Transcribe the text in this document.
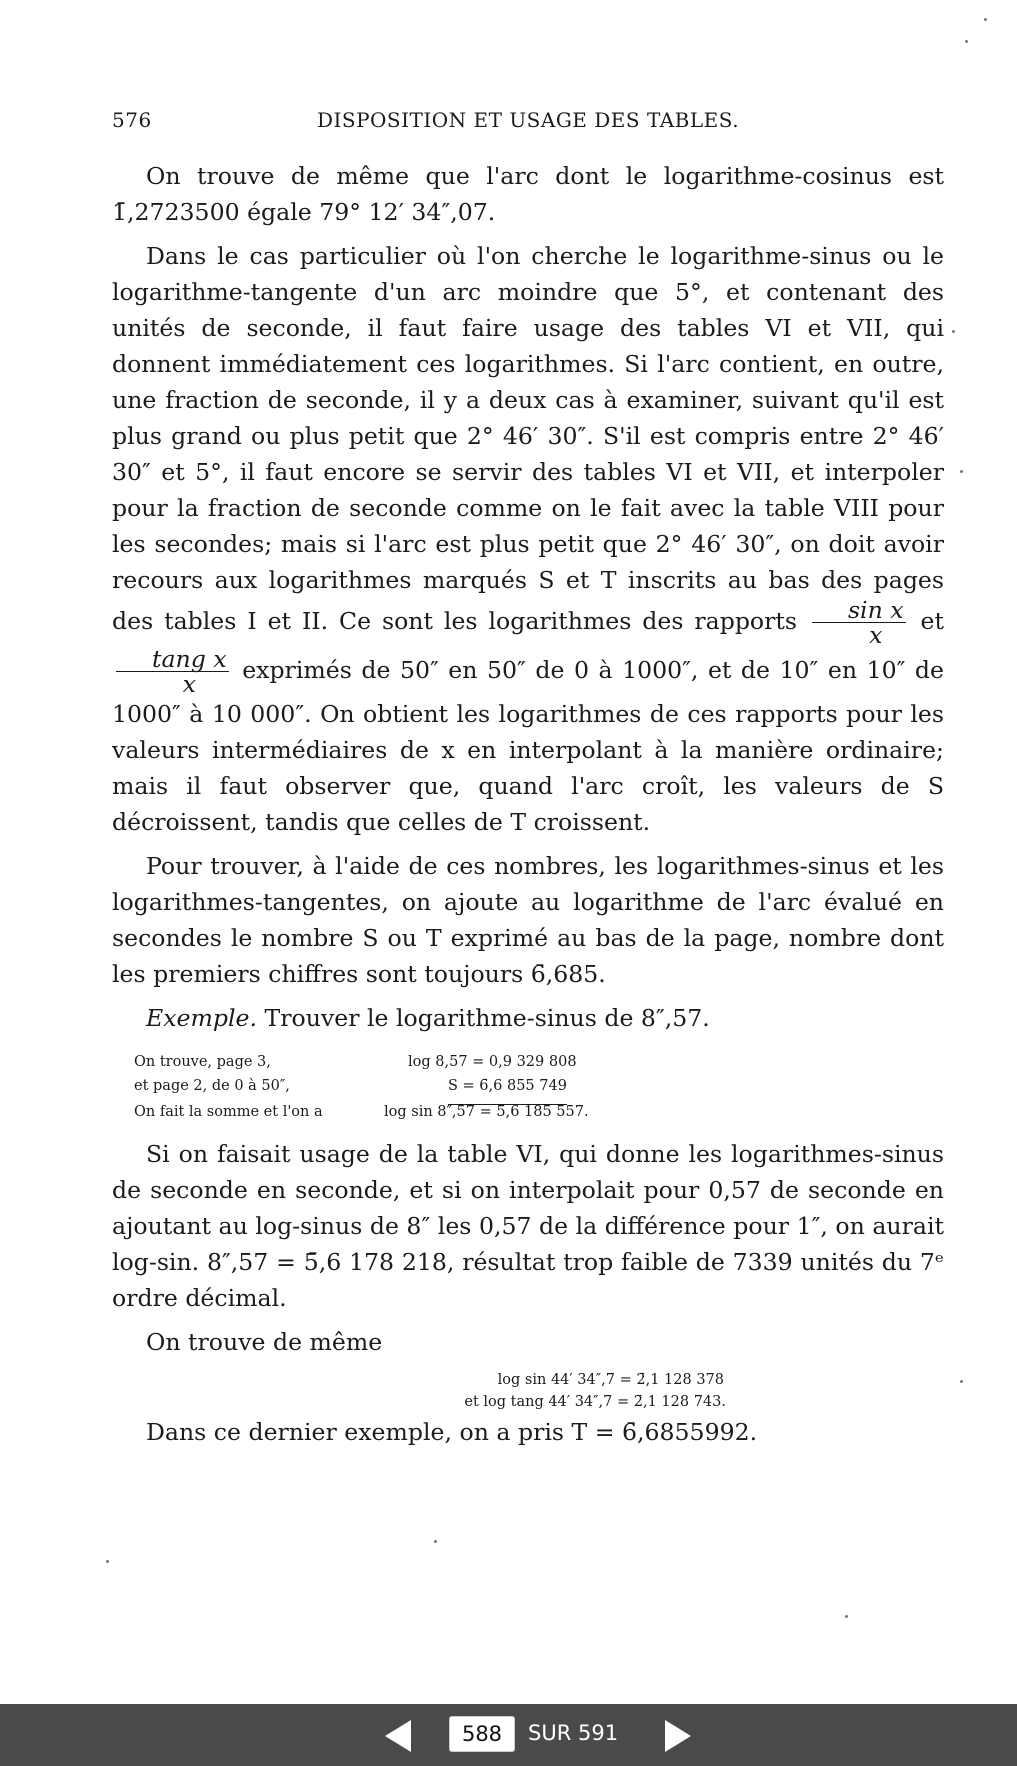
576	DISPOSITION ET USAGE DES TABLES.

On trouve de même que l'arc dont le logarithme-cosinus est 1̄,2723500 égale 79° 12′ 34″,07.

Dans le cas particulier où l'on cherche le logarithme-sinus ou le logarithme-tangente d'un arc moindre que 5°, et contenant des unités de seconde, il faut faire usage des tables VI et VII, qui donnent immédiatement ces logarithmes. Si l'arc contient, en outre, une fraction de seconde, il y a deux cas à examiner, suivant qu'il est plus grand ou plus petit que 2° 46′ 30″. S'il est compris entre 2° 46′ 30″ et 5°, il faut encore se servir des tables VI et VII, et interpoler pour la fraction de seconde comme on le fait avec la table VIII pour les secondes; mais si l'arc est plus petit que 2° 46′ 30″, on doit avoir recours aux logarithmes marqués S et T inscrits au bas des pages des tables I et II. Ce sont les logarithmes des rapports $\frac{\text{sin x}}{x}$ et
$\frac{\text{tang x}}{x}$ exprimés de 50″ en 50″ de 0 à 1000″, et de 10″ en 10″ de 1000″ à 10 000″. On obtient les logarithmes de ces rapports pour les valeurs intermédiaires de x en interpolant à la manière ordinaire; mais il faut observer que, quand l'arc croît, les valeurs de S décroissent, tandis que celles de T croissent.

Pour trouver, à l'aide de ces nombres, les logarithmes-sinus et les logarithmes-tangentes, on ajoute au logarithme de l'arc évalué en secondes le nombre S ou T exprimé au bas de la page, nombre dont les premiers chiffres sont toujours 6̄,685.

Exemple. Trouver le logarithme-sinus de 8″,57.

On trouve, page 3,	log 8,57 = 0,9 329 808
et page 2, de 0 à 50″,	S = 6̄,6 855 749
On fait la somme et l'on a	log sin 8″,57 = 5̄,6 185 557.

Si on faisait usage de la table VI, qui donne les logarithmes-sinus de seconde en seconde, et si on interpolait pour 0,57 de seconde en ajoutant au log-sinus de 8″ les 0,57 de la différence pour 1″, on aurait log-sin. 8″,57 = 5̄,6 178 218, résultat trop faible de 7339 unités du 7ᵉ ordre décimal.

On trouve de même

log sin 44′ 34″,7 = 2̄,1 128 378
et log tang 44′ 34″,7 = 2̄,1 128 743.

Dans ce dernier exemple, on a pris T = 6̄,6855992.

588
SUR 591
